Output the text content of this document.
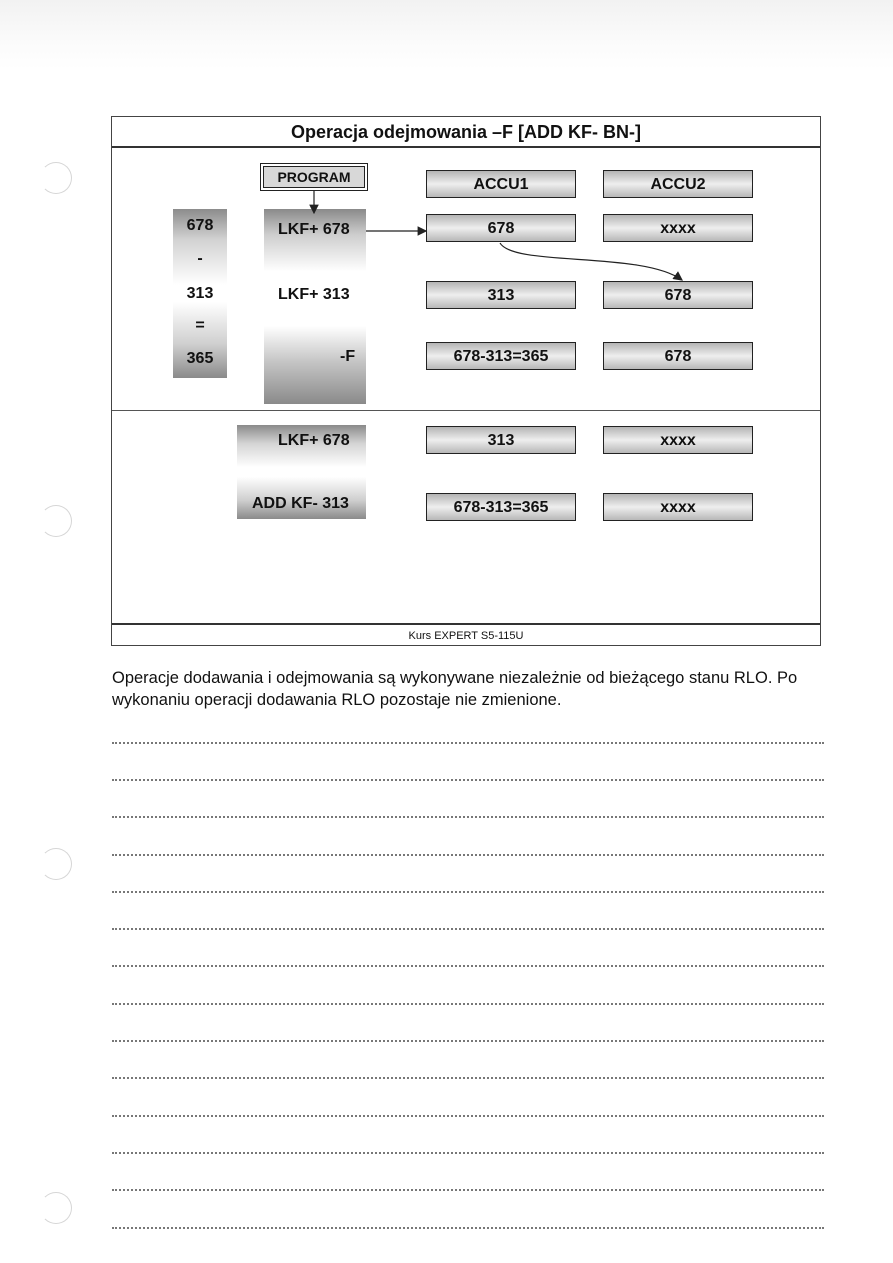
Operacja odejmowania –F [ADD KF- BN-]
678
-
313
=
365
LKF+ 678
LKF+ 313
-F
PROGRAM	ACCU1	ACCU2
678	xxxx
313	678
678-313=365	678
LKF+ 678
ADD KF- 313
313	xxxx
678-313=365	xxxx
Kurs EXPERT S5-115U
Operacje dodawania i odejmowania są wykonywane niezależnie od bieżącego stanu RLO. Po wykonaniu operacji dodawania RLO pozostaje nie zmienione.
